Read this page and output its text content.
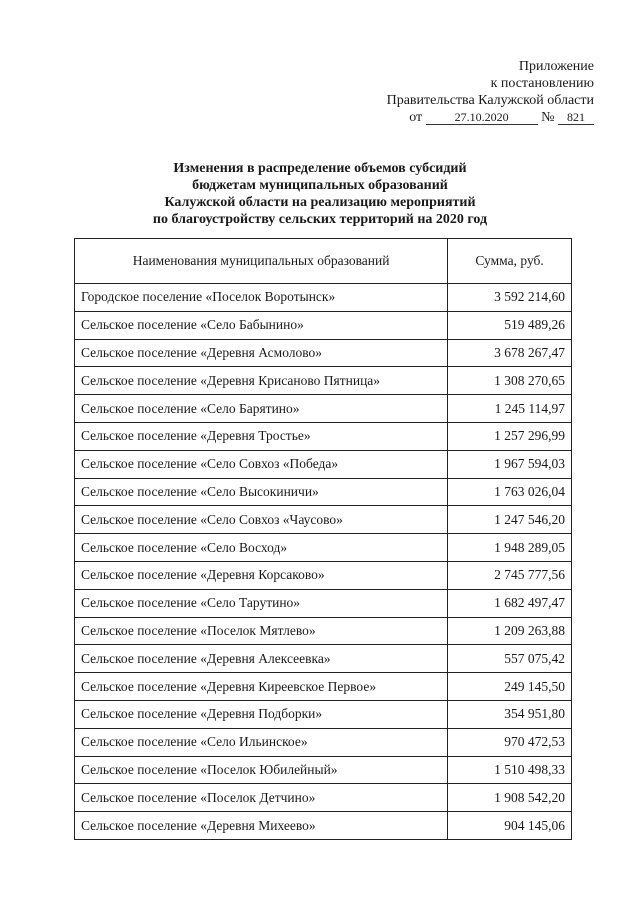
Приложение
к постановлению
Правительства Калужской области
от	27.10.2020 № 821
Изменения в распределение объемов субсидий
бюджетам муниципальных образований
Калужской области на реализацию мероприятий
по благоустройству сельских территорий на 2020 год
Наименования муниципальных образований	Сумма, руб.
Городское поселение «Поселок Воротынск»	3 592 214,60
Сельское поселение «Село Бабынино»	519 489,26
Сельское поселение «Деревня Асмолово»	3 678 267,47
Сельское поселение «Деревня Крисаново Пятница»	1 308 270,65
Сельское поселение «Село Барятино»	1 245 114,97
Сельское поселение «Деревня Тростье»	1 257 296,99
Сельское поселение «Село Совхоз «Победа»	1 967 594,03
Сельское поселение «Село Высокиничи»	1 763 026,04
Сельское поселение «Село Совхоз «Чаусово»	1 247 546,20
Сельское поселение «Село Восход»	1 948 289,05
Сельское поселение «Деревня Корсаково»	2 745 777,56
Сельское поселение «Село Тарутино»	1 682 497,47
Сельское поселение «Поселок Мятлево»	1 209 263,88
Сельское поселение «Деревня Алексеевка»	557 075,42
Сельское поселение «Деревня Киреевское Первое»	249 145,50
Сельское поселение «Деревня Подборки»	354 951,80
Сельское поселение «Село Ильинское»	970 472,53
Сельское поселение «Поселок Юбилейный»	1 510 498,33
Сельское поселение «Поселок Детчино»	1 908 542,20
Сельское поселение «Деревня Михеево»	904 145,06
